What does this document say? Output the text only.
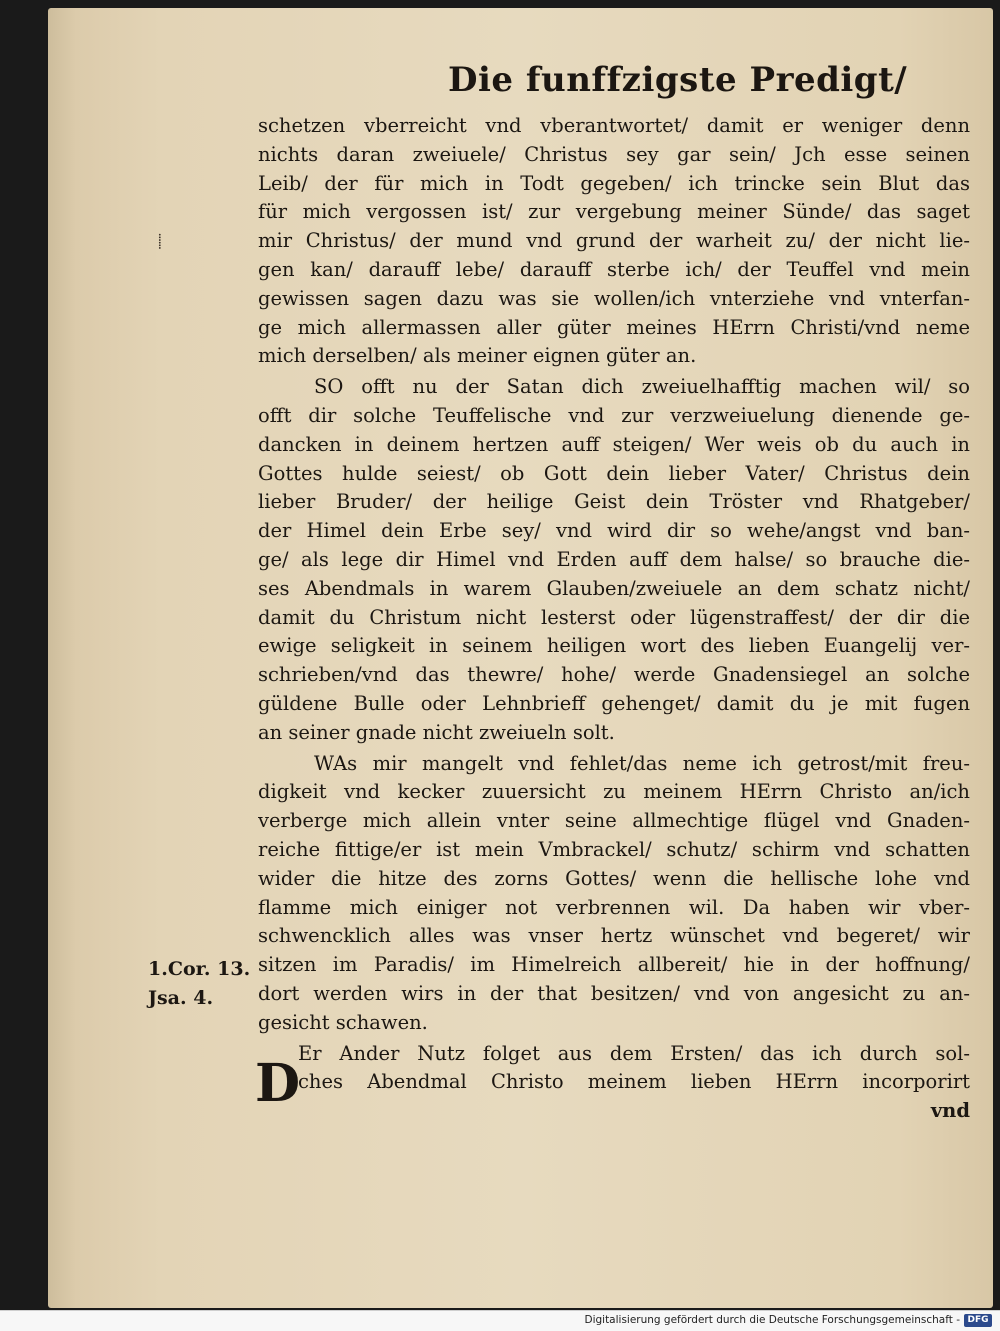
Die funffzigste Predigt/
⸽
schetzen vberreicht vnd vberantwortet/ damit er weniger denn
nichts daran zweiuele/ Christus sey gar sein/ Jch esse seinen
Leib/ der für mich in Todt gegeben/ ich trincke sein Blut das
für mich vergossen ist/ zur vergebung meiner Sünde/ das saget
mir Christus/ der mund vnd grund der warheit zu/ der nicht lie-
gen kan/ darauff lebe/ darauff sterbe ich/ der Teuffel vnd mein
gewissen sagen dazu was sie wollen/ich vnterziehe vnd vnterfan-
ge mich allermassen aller güter meines HErrn Christi/vnd neme
mich derselben/ als meiner eignen güter an.
SO offt nu der Satan dich zweiuelhafftig machen wil/ so
offt dir solche Teuffelische vnd zur verzweiuelung dienende ge-
dancken in deinem hertzen auff steigen/ Wer weis ob du auch in
Gottes hulde seiest/ ob Gott dein lieber Vater/ Christus dein
lieber Bruder/ der heilige Geist dein Tröster vnd Rhatgeber/
der Himel dein Erbe sey/ vnd wird dir so wehe/angst vnd ban-
ge/ als lege dir Himel vnd Erden auff dem halse/ so brauche die-
ses Abendmals in warem Glauben/zweiuele an dem schatz nicht/
damit du Christum nicht lesterst oder lügenstraffest/ der dir die
ewige seligkeit in seinem heiligen wort des lieben Euangelij ver-
schrieben/vnd das thewre/ hohe/ werde Gnadensiegel an solche
güldene Bulle oder Lehnbrieff gehenget/ damit du je mit fugen
an seiner gnade nicht zweiueln solt.
WAs mir mangelt vnd fehlet/das neme ich getrost/mit freu-
digkeit vnd kecker zuuersicht zu meinem HErrn Christo an/ich
verberge mich allein vnter seine allmechtige flügel vnd Gnaden-
reiche fittige/er ist mein Vmbrackel/ schutz/ schirm vnd schatten
wider die hitze des zorns Gottes/ wenn die hellische lohe vnd
flamme mich einiger not verbrennen wil. Da haben wir vber-
schwencklich alles was vnser hertz wünschet vnd begeret/ wir
sitzen im Paradis/ im Himelreich allbereit/ hie in der hoffnung/
dort werden wirs in der that besitzen/ vnd von angesicht zu an-
gesicht schawen.
Er Ander Nutz folget aus dem Ersten/ das ich durch sol-
ches Abendmal Christo meinem lieben HErrn incorporirt
vnd
D
1.Cor. 13.
Jsa. 4.
Digitalisierung gefördert durch die Deutsche Forschungsgemeinschaft - DFG
